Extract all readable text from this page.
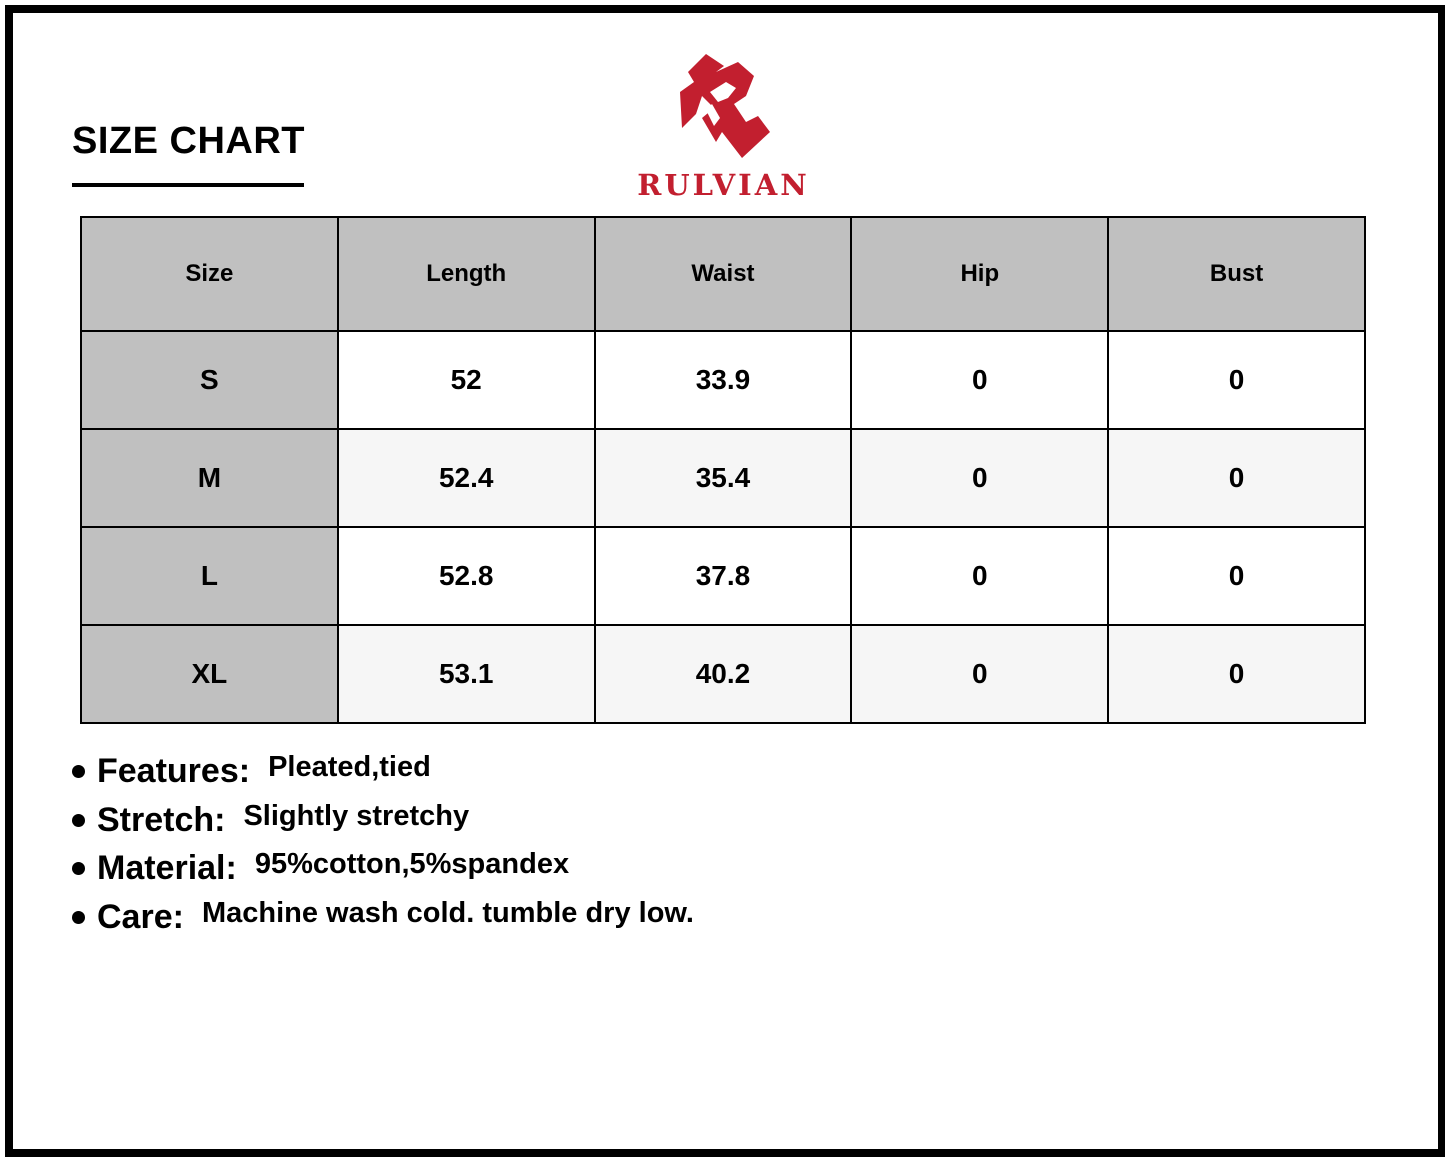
SIZE CHART
RULVIAN
Size	Length	Waist	Hip	Bust
S	52	33.9	0	0
M	52.4	35.4	0	0
L	52.8	37.8	0	0
XL	53.1	40.2	0	0
Features: Pleated,tied
Stretch: Slightly stretchy
Material: 95%cotton,5%spandex
Care: Machine wash cold. tumble dry low.
